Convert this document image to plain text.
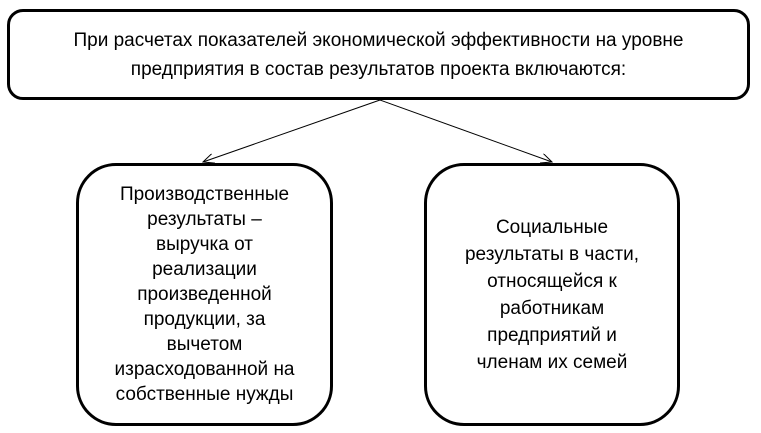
При расчетах показателей экономической эффективности на уровне
предприятия в состав результатов проекта включаются:
Производственные
результаты –
выручка от
реализации
произведенной
продукции, за
вычетом
израсходованной на
собственные нужды
Социальные
результаты в части,
относящейся к
работникам
предприятий и
членам их семей
